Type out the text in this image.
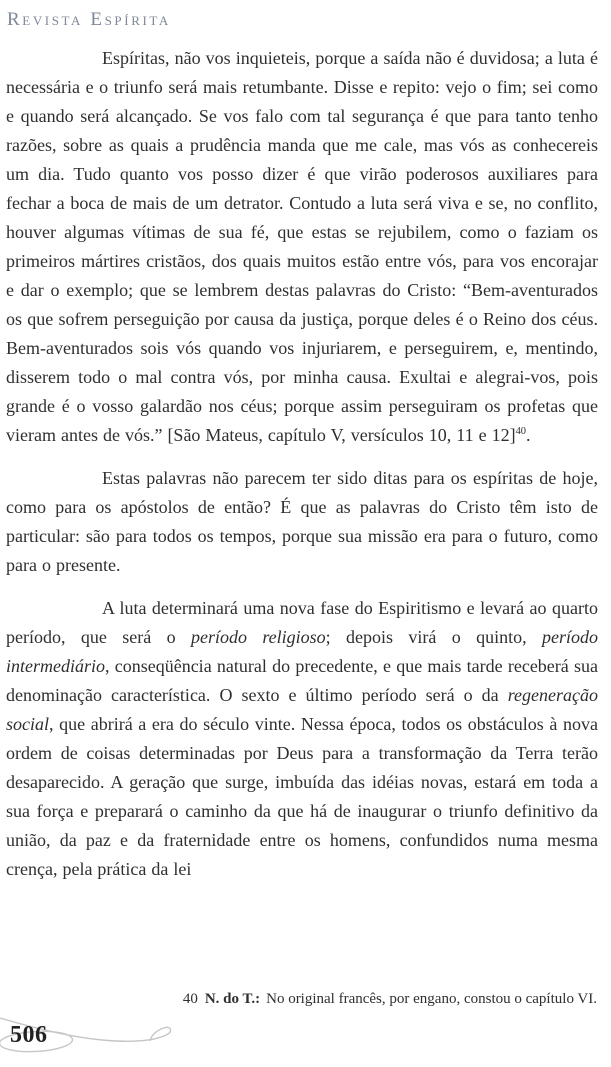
Revista Espírita

Espíritas, não vos inquieteis, porque a saída não é duvidosa; a luta é necessária e o triunfo será mais retumbante. Disse e repito: vejo o fim; sei como e quando será alcançado. Se vos falo com tal segurança é que para tanto tenho razões, sobre as quais a prudência manda que me cale, mas vós as conhecereis um dia. Tudo quanto vos posso dizer é que virão poderosos auxiliares para fechar a boca de mais de um detrator. Contudo a luta será viva e se, no conflito, houver algumas vítimas de sua fé, que estas se rejubilem, como o faziam os primeiros mártires cristãos, dos quais muitos estão entre vós, para vos encorajar e dar o exemplo; que se lembrem destas palavras do Cristo: “Bem-aventurados os que sofrem perseguição por causa da justiça, porque deles é o Reino dos céus. Bem-aventurados sois vós quando vos injuriarem, e perseguirem, e, mentindo, disserem todo o mal contra vós, por minha causa. Exultai e alegrai-vos, pois grande é o vosso galardão nos céus; porque assim perseguiram os profetas que vieram antes de vós.” [São Mateus, capítulo V, versículos 10, 11 e 12]$^{40}$.

Estas palavras não parecem ter sido ditas para os espíritas de hoje, como para os apóstolos de então? É que as palavras do Cristo têm isto de particular: são para todos os tempos, porque sua missão era para o futuro, como para o presente.

A luta determinará uma nova fase do Espiritismo e levará ao quarto período, que será o período religioso; depois virá o quinto, período intermediário, conseqüência natural do precedente, e que mais tarde receberá sua denominação característica. O sexto e último período será o da regeneração social, que abrirá a era do século vinte. Nessa época, todos os obstáculos à nova ordem de coisas determinadas por Deus para a transformação da Terra terão desaparecido. A geração que surge, imbuída das idéias novas, estará em toda a sua força e preparará o caminho da que há de inaugurar o triunfo definitivo da união, da paz e da fraternidade entre os homens, confundidos numa mesma crença, pela prática da lei

40 N. do T.: No original francês, por engano, constou o capítulo VI.
506
